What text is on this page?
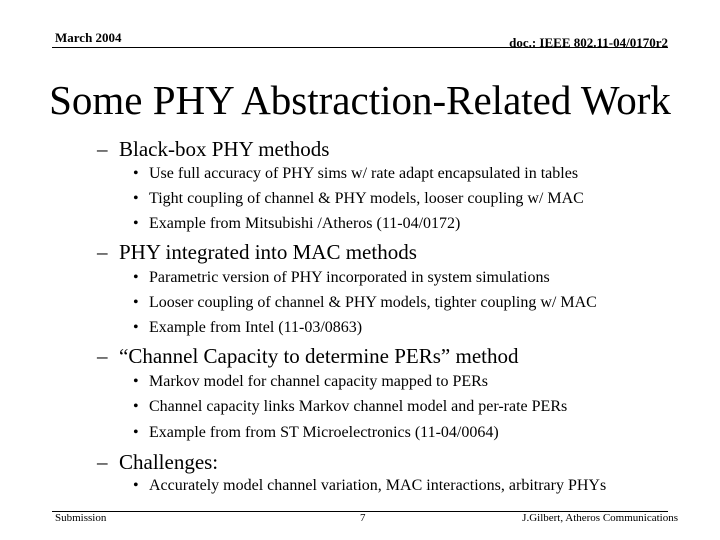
March 2004	doc.: IEEE 802.11-04/0170r2
Some PHY Abstraction-Related Work
– Black-box PHY methods
• Use full accuracy of PHY sims w/ rate adapt encapsulated in tables
• Tight coupling of channel & PHY models, looser coupling w/ MAC
• Example from Mitsubishi /Atheros (11-04/0172)
– PHY integrated into MAC methods
• Parametric version of PHY incorporated in system simulations
• Looser coupling of channel & PHY models, tighter coupling w/ MAC
• Example from Intel (11-03/0863)
– “Channel Capacity to determine PERs” method
• Markov model for channel capacity mapped to PERs
• Channel capacity links Markov channel model and per-rate PERs
• Example from from ST Microelectronics (11-04/0064)
– Challenges:
• Accurately model channel variation, MAC interactions, arbitrary PHYs
Submission	7	J.Gilbert, Atheros Communications
